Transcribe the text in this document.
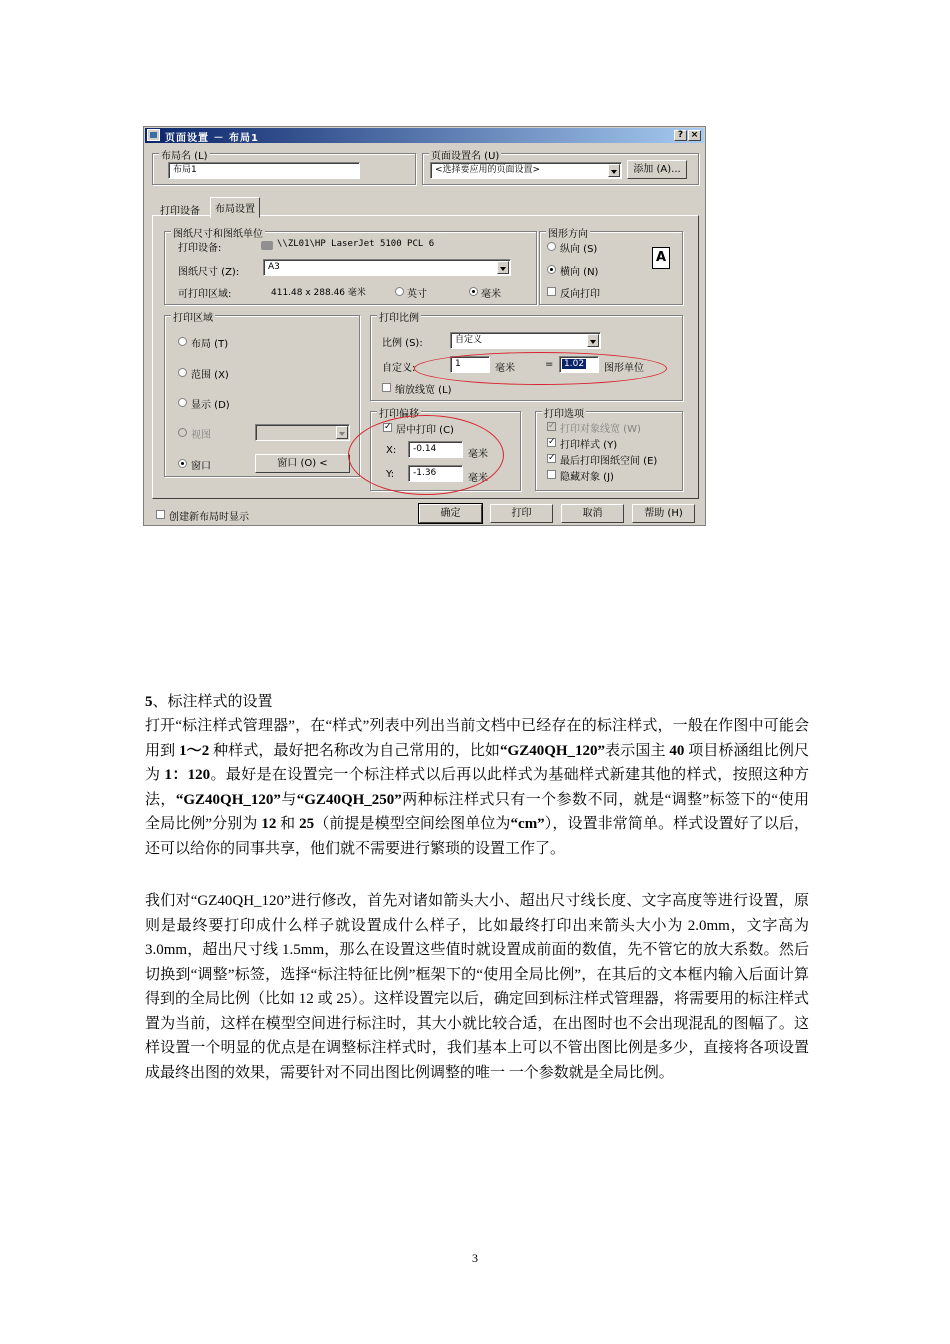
页面设置 － 布局1	? ×
布局名 (L)
布局1
页面设置名 (U)
<选择要应用的页面设置>	添加 (A)...
打印设备	布局设置
图纸尺寸和图纸单位
打印设备:	\\ZL01\HP LaserJet 5100 PCL 6
图纸尺寸 (Z):	A3
可打印区域:	411.48 x 288.46 毫米	英寸	毫米
图形方向
纵向 (S)
横向 (N)
反向打印
A
打印区域
布局 (T)
范围 (X)
显示 (D)
视图
窗口	窗口 (O) <
打印比例
比例 (S):	自定义
自定义:	1	毫米	=	1.02	图形单位
缩放线宽 (L)
打印偏移
✓ 居中打印 (C)
X:	-0.14	毫米
Y:	-1.36	毫米
打印选项
✓ 打印对象线宽 (W)
✓ 打印样式 (Y)
✓ 最后打印图纸空间 (E)
隐藏对象 (J)
创建新布局时显示	确定	打印	取消	帮助 (H)
5、标注样式的设置
打开“标注样式管理器”，在“样式”列表中列出当前文档中已经存在的标注样式，一般在作图中可能会用到 1～2 种样式，最好把名称改为自己常用的，比如“GZ40QH_120”表示国主 40 项目桥涵组比例尺为 1：120。最好是在设置完一个标注样式以后再以此样式为基础样式新建其他的样式，按照这种方法，“GZ40QH_120”与“GZ40QH_250”两种标注样式只有一个参数不同，就是“调整”标签下的“使用全局比例”分别为 12 和 25（前提是模型空间绘图单位为“cm”），设置非常简单。样式设置好了以后，还可以给你的同事共享，他们就不需要进行繁琐的设置工作了。
我们对“GZ40QH_120”进行修改，首先对诸如箭头大小、超出尺寸线长度、文字高度等进行设置，原则是最终要打印成什么样子就设置成什么样子，比如最终打印出来箭头大小为 2.0mm，文字高为 3.0mm，超出尺寸线 1.5mm，那么在设置这些值时就设置成前面的数值，先不管它的放大系数。然后切换到“调整”标签，选择“标注特征比例”框架下的“使用全局比例”，在其后的文本框内输入后面计算得到的全局比例（比如 12 或 25）。这样设置完以后，确定回到标注样式管理器，将需要用的标注样式置为当前，这样在模型空间进行标注时，其大小就比较合适，在出图时也不会出现混乱的图幅了。这样设置一个明显的优点是在调整标注样式时，我们基本上可以不管出图比例是多少，直接将各项设置成最终出图的效果，需要针对不同出图比例调整的唯一 一个参数就是全局比例。
3
